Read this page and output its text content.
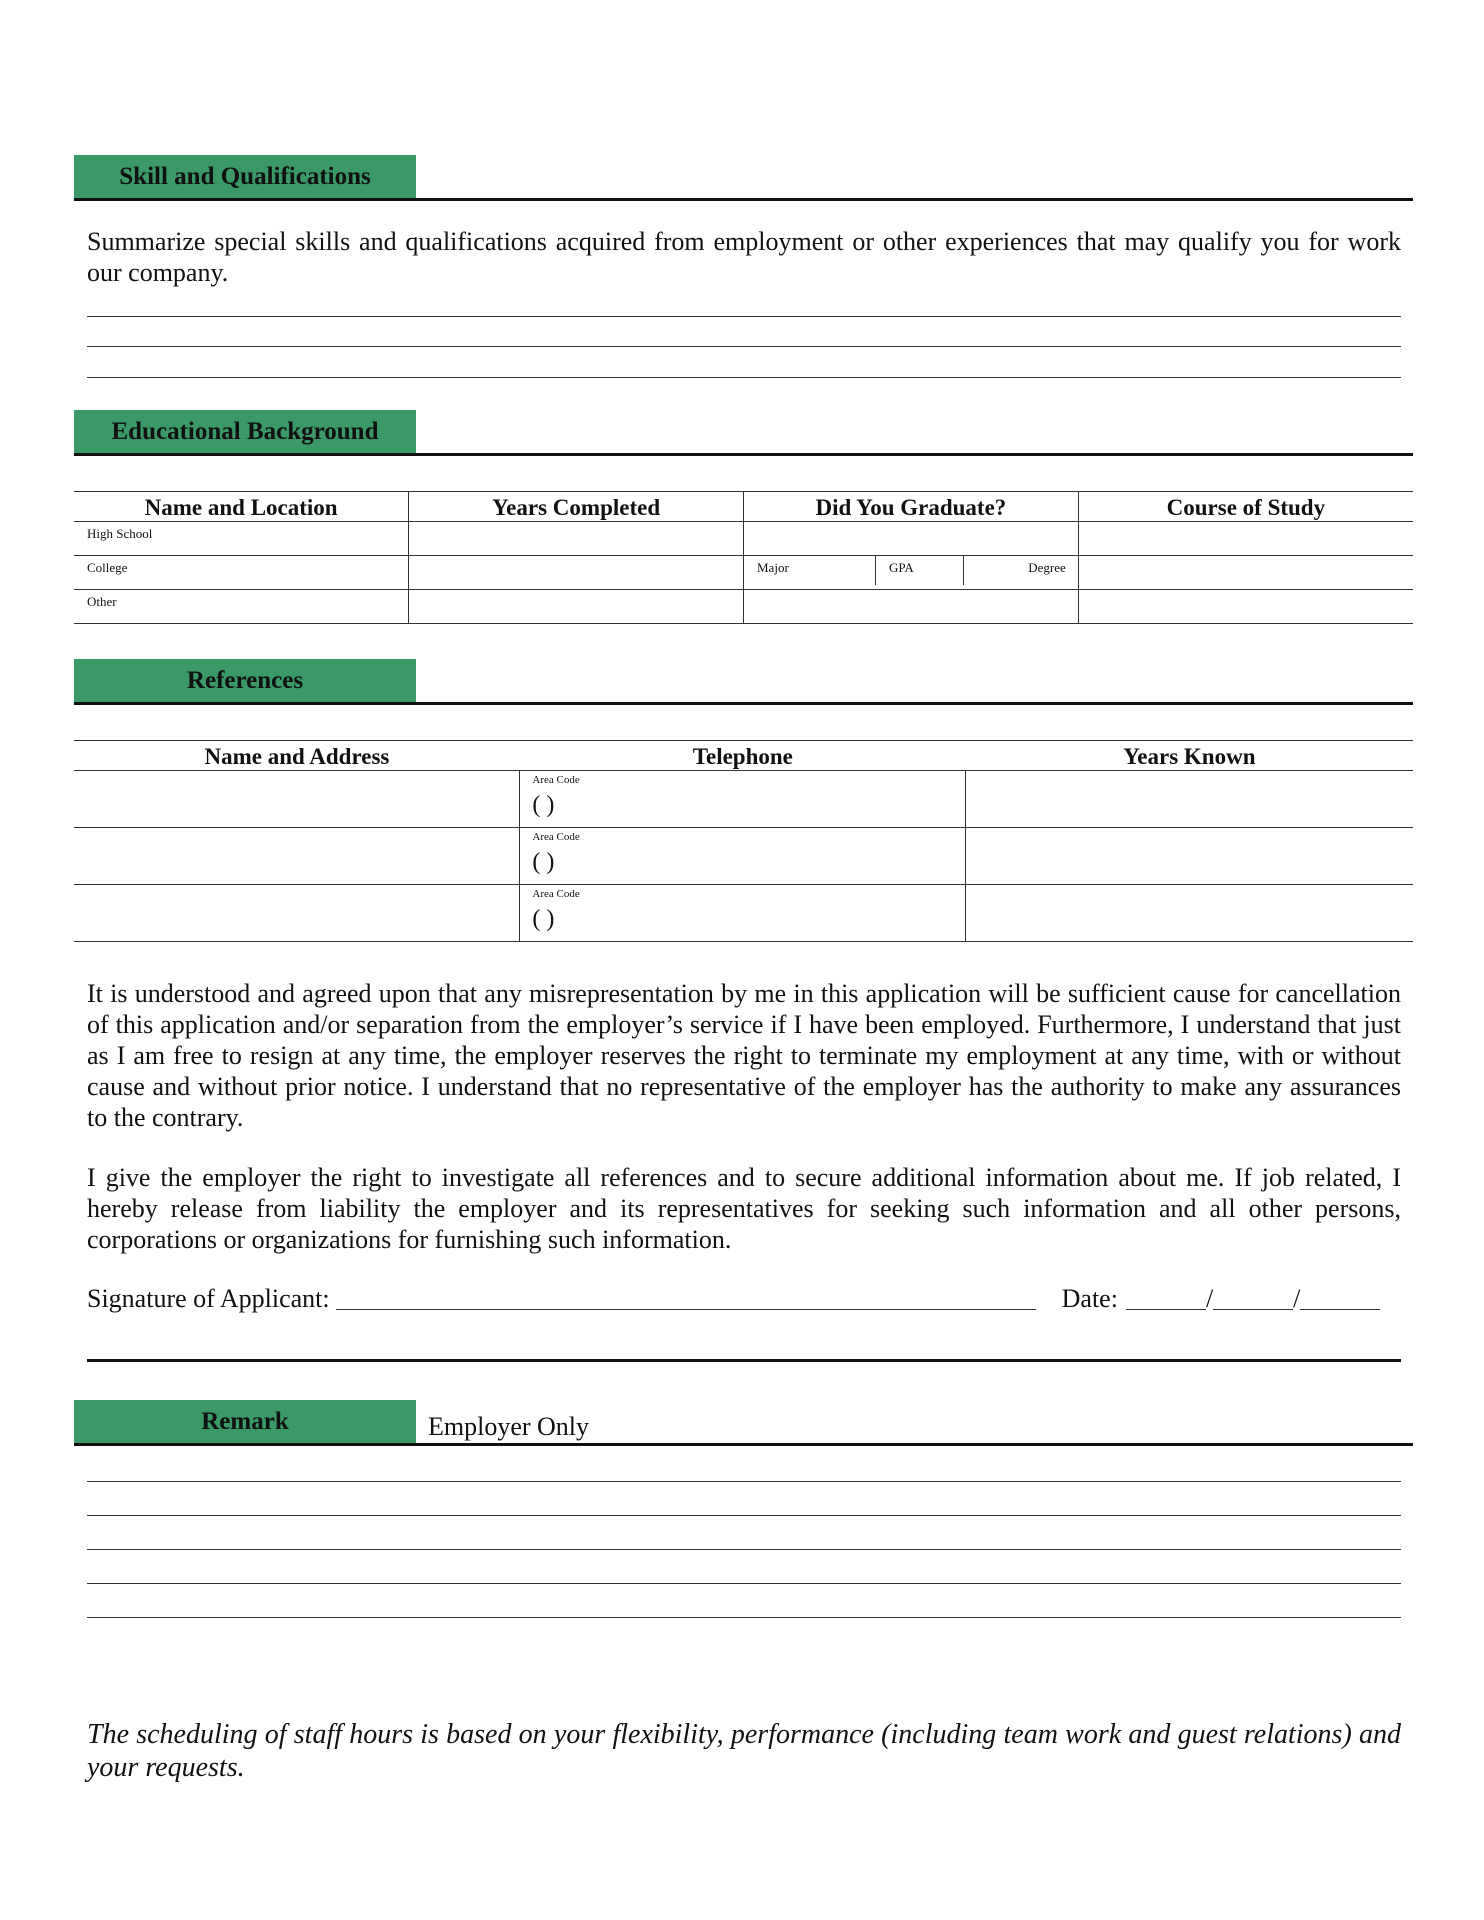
Skill and Qualifications

Summarize special skills and qualifications acquired from employment or other experiences that may qualify you for work our company.

Educational Background
Name and Location	Years Completed	Did You Graduate?	Course of Study
High School			
College		Major GPA Degree	

Other			
References
Name and Address	Telephone	Years Known

	Area Code
( )	

	Area Code
( )	

	Area Code
( )	

It is understood and agreed upon that any misrepresentation by me in this application will be sufficient cause for cancellation of this application and/or separation from the employer’s service if I have been employed. Furthermore, I understand that just as I am free to resign at any time, the employer reserves the right to terminate my employment at any time, with or without cause and without prior notice. I understand that no representative of the employer has the authority to make any assurances to the contrary.

I give the employer the right to investigate all references and to secure additional information about me. If job related, I hereby release from liability the employer and its representatives for seeking such information and all other persons, corporations or organizations for furnishing such information.

Signature of Applicant:	Date:	/	/
Remark	Employer Only

The scheduling of staff hours is based on your flexibility, performance (including team work and guest relations) and your requests.
